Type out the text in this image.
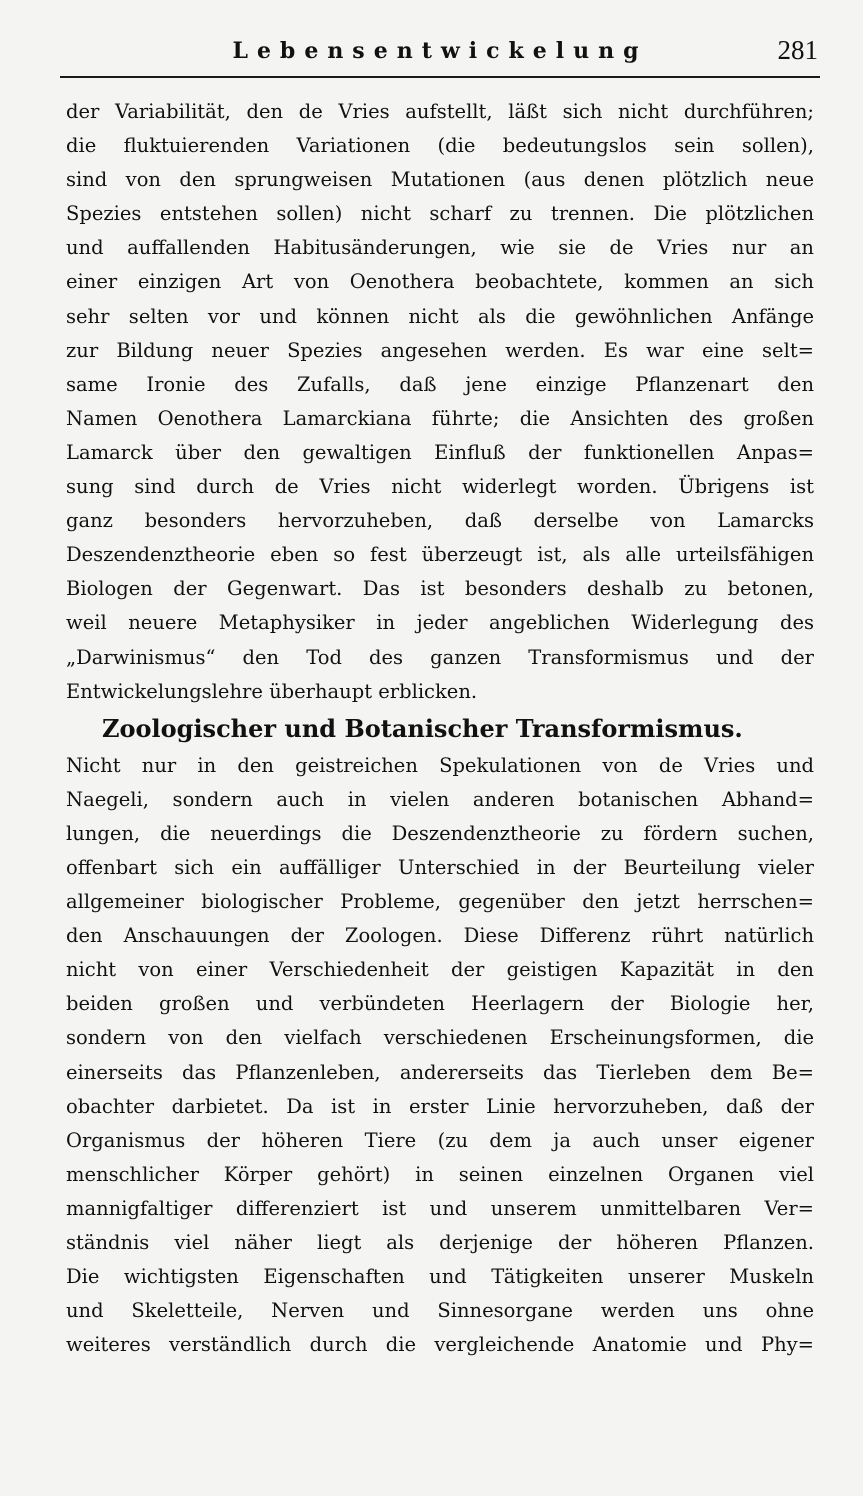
Lebensentwickelung	281
der Variabilität, den de Vries aufstellt, läßt sich nicht durchführen;
die fluktuierenden Variationen (die bedeutungslos sein sollen),
sind von den sprungweisen Mutationen (aus denen plötzlich neue
Spezies entstehen sollen) nicht scharf zu trennen. Die plötzlichen
und auffallenden Habitusänderungen, wie sie de Vries nur an
einer einzigen Art von Oenothera beobachtete, kommen an sich
sehr selten vor und können nicht als die gewöhnlichen Anfänge
zur Bildung neuer Spezies angesehen werden. Es war eine selt=
same Ironie des Zufalls, daß jene einzige Pflanzenart den
Namen Oenothera Lamarckiana führte; die Ansichten des großen
Lamarck über den gewaltigen Einfluß der funktionellen Anpas=
sung sind durch de Vries nicht widerlegt worden. Übrigens ist
ganz besonders hervorzuheben, daß derselbe von Lamarcks
Deszendenztheorie eben so fest überzeugt ist, als alle urteilsfähigen
Biologen der Gegenwart. Das ist besonders deshalb zu betonen,
weil neuere Metaphysiker in jeder angeblichen Widerlegung des
„Darwinismus“ den Tod des ganzen Transformismus und der
Entwickelungslehre überhaupt erblicken.
Zoologischer und Botanischer Transformismus.
Nicht nur in den geistreichen Spekulationen von de Vries und
Naegeli, sondern auch in vielen anderen botanischen Abhand=
lungen, die neuerdings die Deszendenztheorie zu fördern suchen,
offenbart sich ein auffälliger Unterschied in der Beurteilung vieler
allgemeiner biologischer Probleme, gegenüber den jetzt herrschen=
den Anschauungen der Zoologen. Diese Differenz rührt natürlich
nicht von einer Verschiedenheit der geistigen Kapazität in den
beiden großen und verbündeten Heerlagern der Biologie her,
sondern von den vielfach verschiedenen Erscheinungsformen, die
einerseits das Pflanzenleben, andererseits das Tierleben dem Be=
obachter darbietet. Da ist in erster Linie hervorzuheben, daß der
Organismus der höheren Tiere (zu dem ja auch unser eigener
menschlicher Körper gehört) in seinen einzelnen Organen viel
mannigfaltiger differenziert ist und unserem unmittelbaren Ver=
ständnis viel näher liegt als derjenige der höheren Pflanzen.
Die wichtigsten Eigenschaften und Tätigkeiten unserer Muskeln
und Skeletteile, Nerven und Sinnesorgane werden uns ohne
weiteres verständlich durch die vergleichende Anatomie und Phy=
